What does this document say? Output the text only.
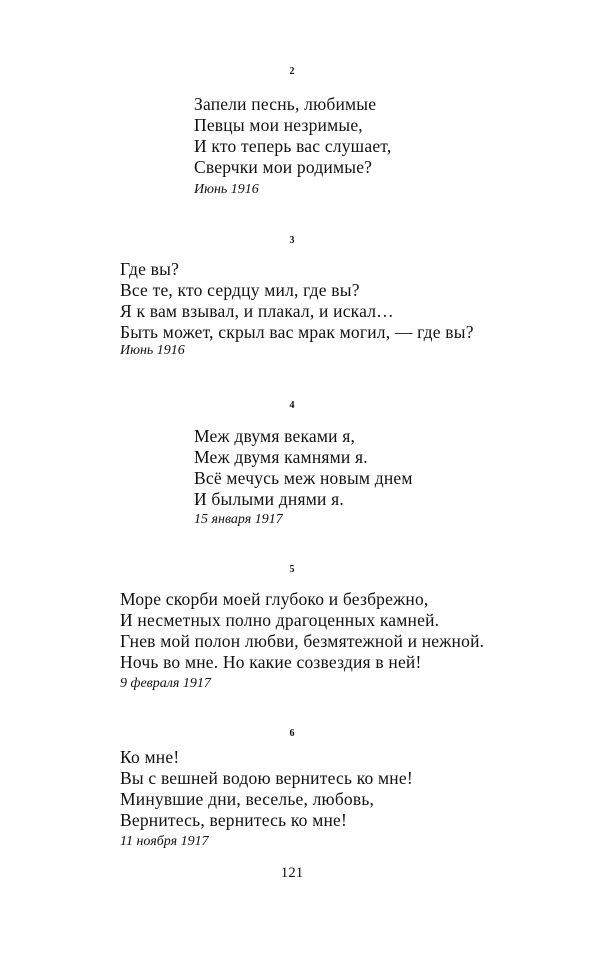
2
Запели песнь, любимые
Певцы мои незримые,
И кто теперь вас слушает,
Сверчки мои родимые?
Июнь 1916
3
Где вы?
Все те, кто сердцу мил, где вы?
Я к вам взывал, и плакал, и искал…
Быть может, скрыл вас мрак могил, — где вы?
Июнь 1916
4
Меж двумя веками я,
Меж двумя камнями я.
Всё мечусь меж новым днем
И былыми днями я.
15 января 1917
5
Море скорби моей глубоко и безбрежно,
И несметных полно драгоценных камней.
Гнев мой полон любви, безмятежной и нежной.
Ночь во мне. Но какие созвездия в ней!
9 февраля 1917
6
Ко мне!
Вы с вешней водою вернитесь ко мне!
Минувшие дни, веселье, любовь,
Вернитесь, вернитесь ко мне!
11 ноября 1917
121
